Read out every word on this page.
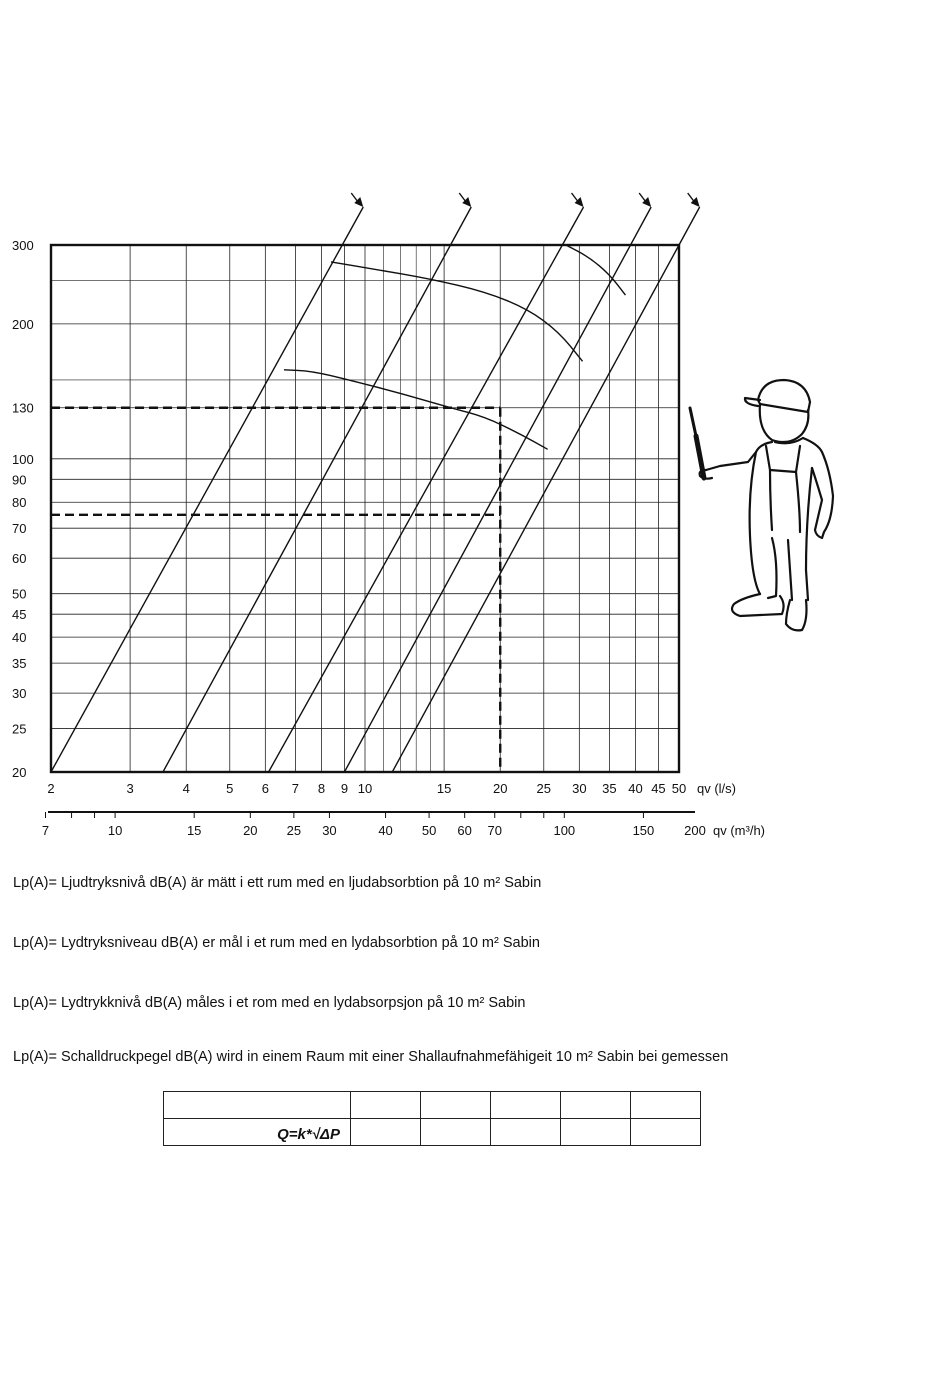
20
25
30
35
40
45
50
60
70
80
90
100
130
200
300
2	3	4	5 6 7 8 9 10	15	20 25 30 35 40 45 50 qv (l/s)
7	10	15	20 25 30	40 50 60 70	100	150 200 qv (m³/h)
Lp(A)= Ljudtryksnivå dB(A) är mätt i ett rum med en ljudabsorbtion på 10 m² Sabin
Lp(A)= Lydtryksniveau dB(A) er mål i et rum med en lydabsorbtion på 10 m² Sabin
Lp(A)= Lydtrykknivå dB(A) måles i et rom med en lydabsorpsjon på 10 m² Sabin
Lp(A)= Schalldruckpegel dB(A) wird in einem Raum mit einer Shallaufnahmefähigeit 10 m² Sabin bei gemessen

Q=k*√ΔP					
